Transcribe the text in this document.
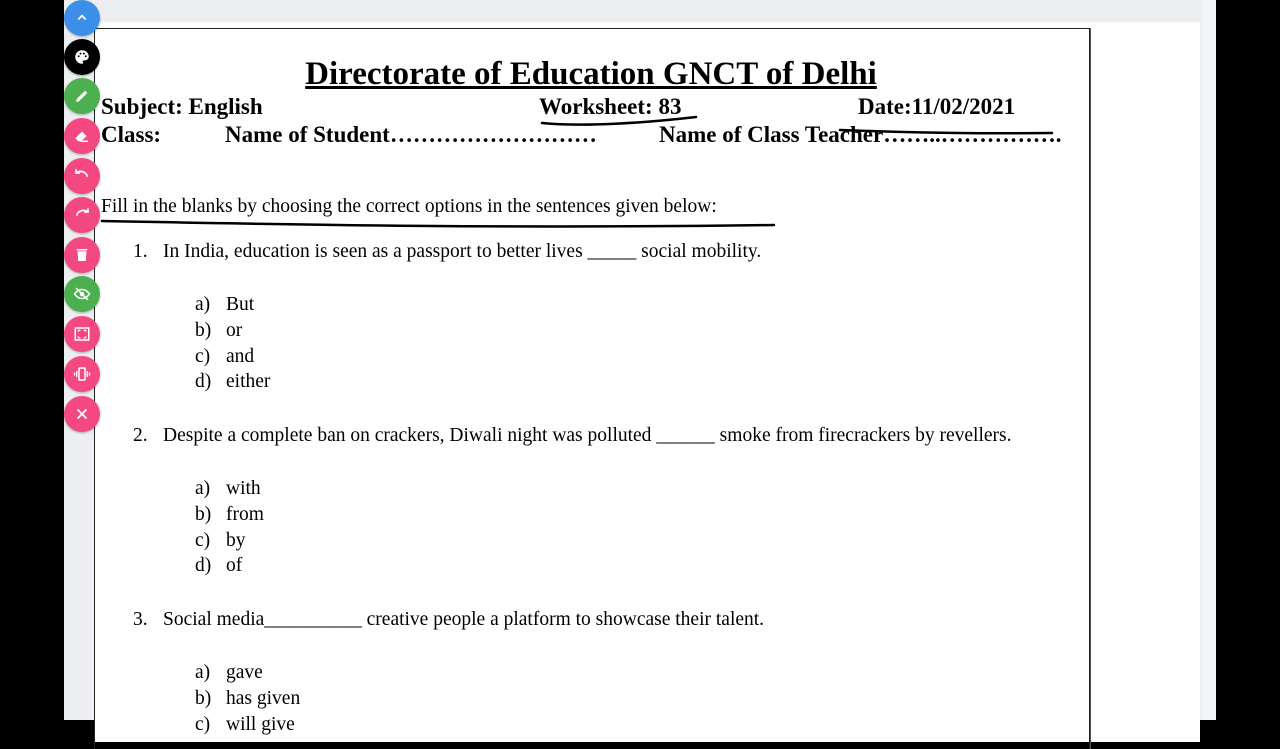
Directorate of Education GNCT of Delhi
Subject: English	Worksheet: 83	Date:11/02/2021
Class:	Name of Student………………………	Name of Class Teacher……..…………….
Fill in the blanks by choosing the correct options in the sentences given below:
1. In India, education is seen as a passport to better lives _____ social mobility.
a) But
b) or
c) and
d) either
2. Despite a complete ban on crackers, Diwali night was polluted ______ smoke from firecrackers by revellers.
a) with
b) from
c) by
d) of
3. Social media__________ creative people a platform to showcase their talent.
a) gave
b) has given
c) will give
